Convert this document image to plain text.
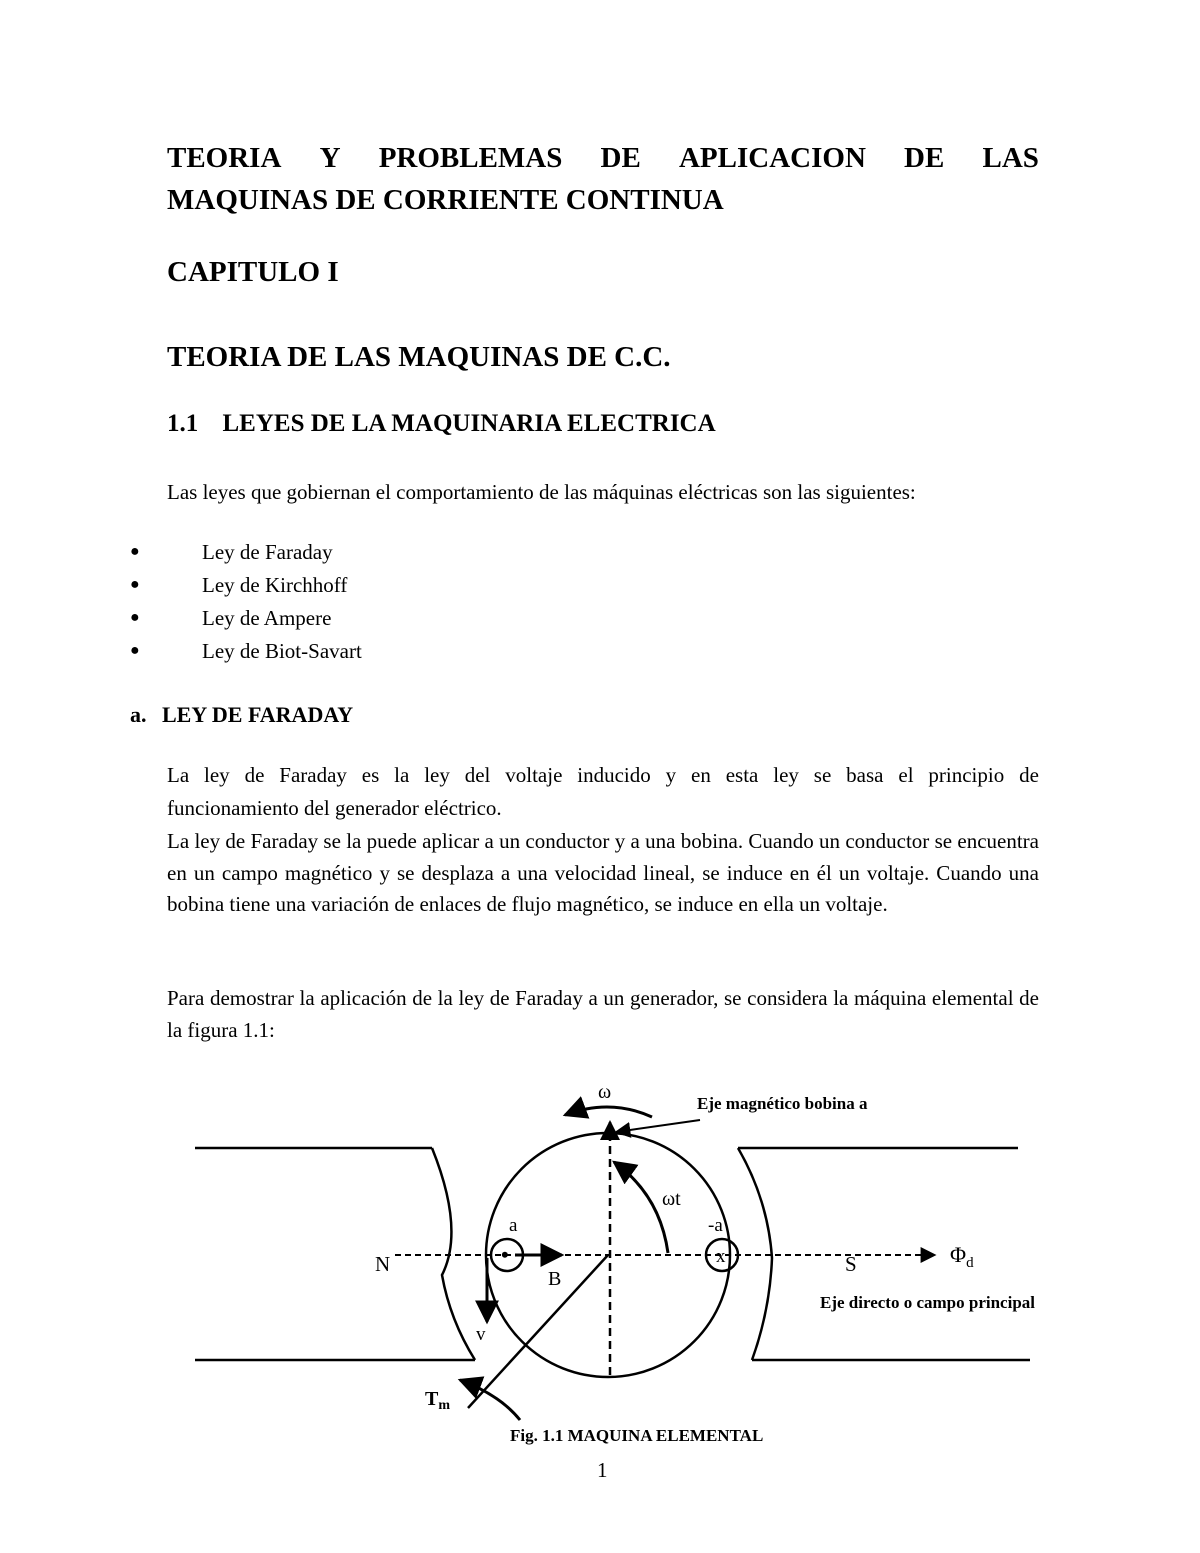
TEORIA Y PROBLEMAS DE APLICACION DE LAS
MAQUINAS DE CORRIENTE CONTINUA
CAPITULO I
TEORIA DE LAS MAQUINAS DE C.C.
1.1 LEYES DE LA MAQUINARIA ELECTRICA

Las leyes que gobiernan el comportamiento de las máquinas eléctricas son las siguientes:

●	Ley de Faraday
●	Ley de Kirchhoff
●	Ley de Ampere
●	Ley de Biot-Savart
a. LEY DE FARADAY
La ley de Faraday es la ley del voltaje inducido y en esta ley se basa el principio de
funcionamiento del generador eléctrico.

La ley de Faraday se la puede aplicar a un conductor y a una bobina. Cuando un conductor se encuentra en un campo magnético y se desplaza a una velocidad lineal, se induce en él un voltaje. Cuando una bobina tiene una variación de enlaces de flujo magnético, se induce en ella un voltaje.

Para demostrar la aplicación de la ley de Faraday a un generador, se considera la máquina elemental de la figura 1.1:

ω
Eje magnético bobina a
ωt
•
a
x
-a
B
v
N	S	$\Phi_d$
Eje directo o campo principal
$T_m$
Fig. 1.1 MAQUINA ELEMENTAL
1
